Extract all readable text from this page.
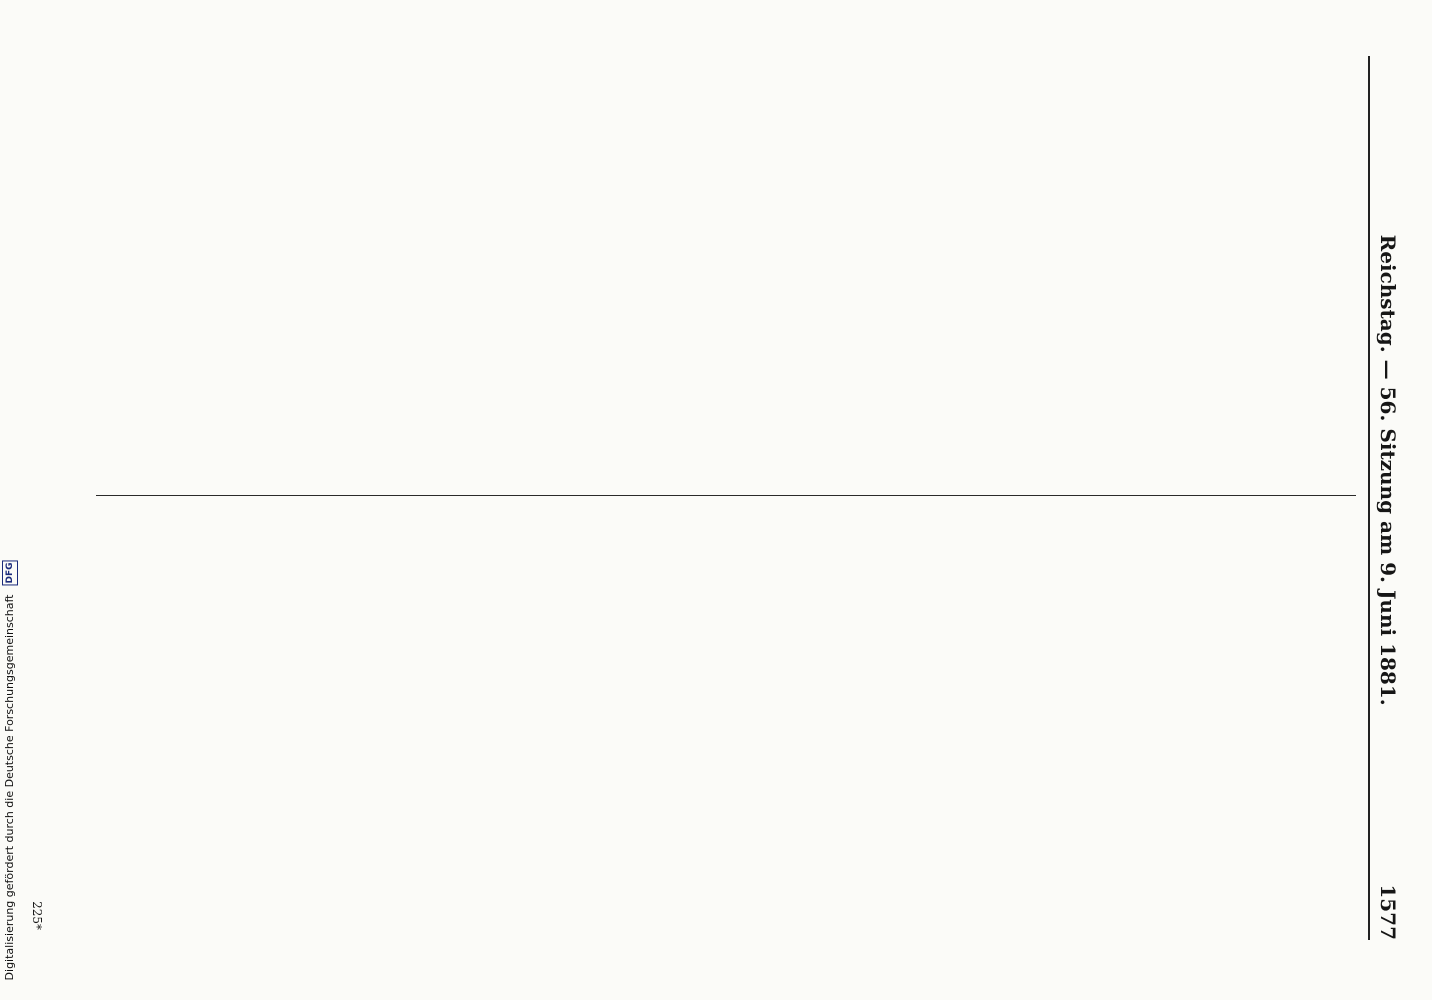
Reichstag. — 56. Sitzung am 9. Juni 1881.
1577
225*
Digitalisierung gefördert durch die Deutsche Forschungsgemeinschaft DFG
